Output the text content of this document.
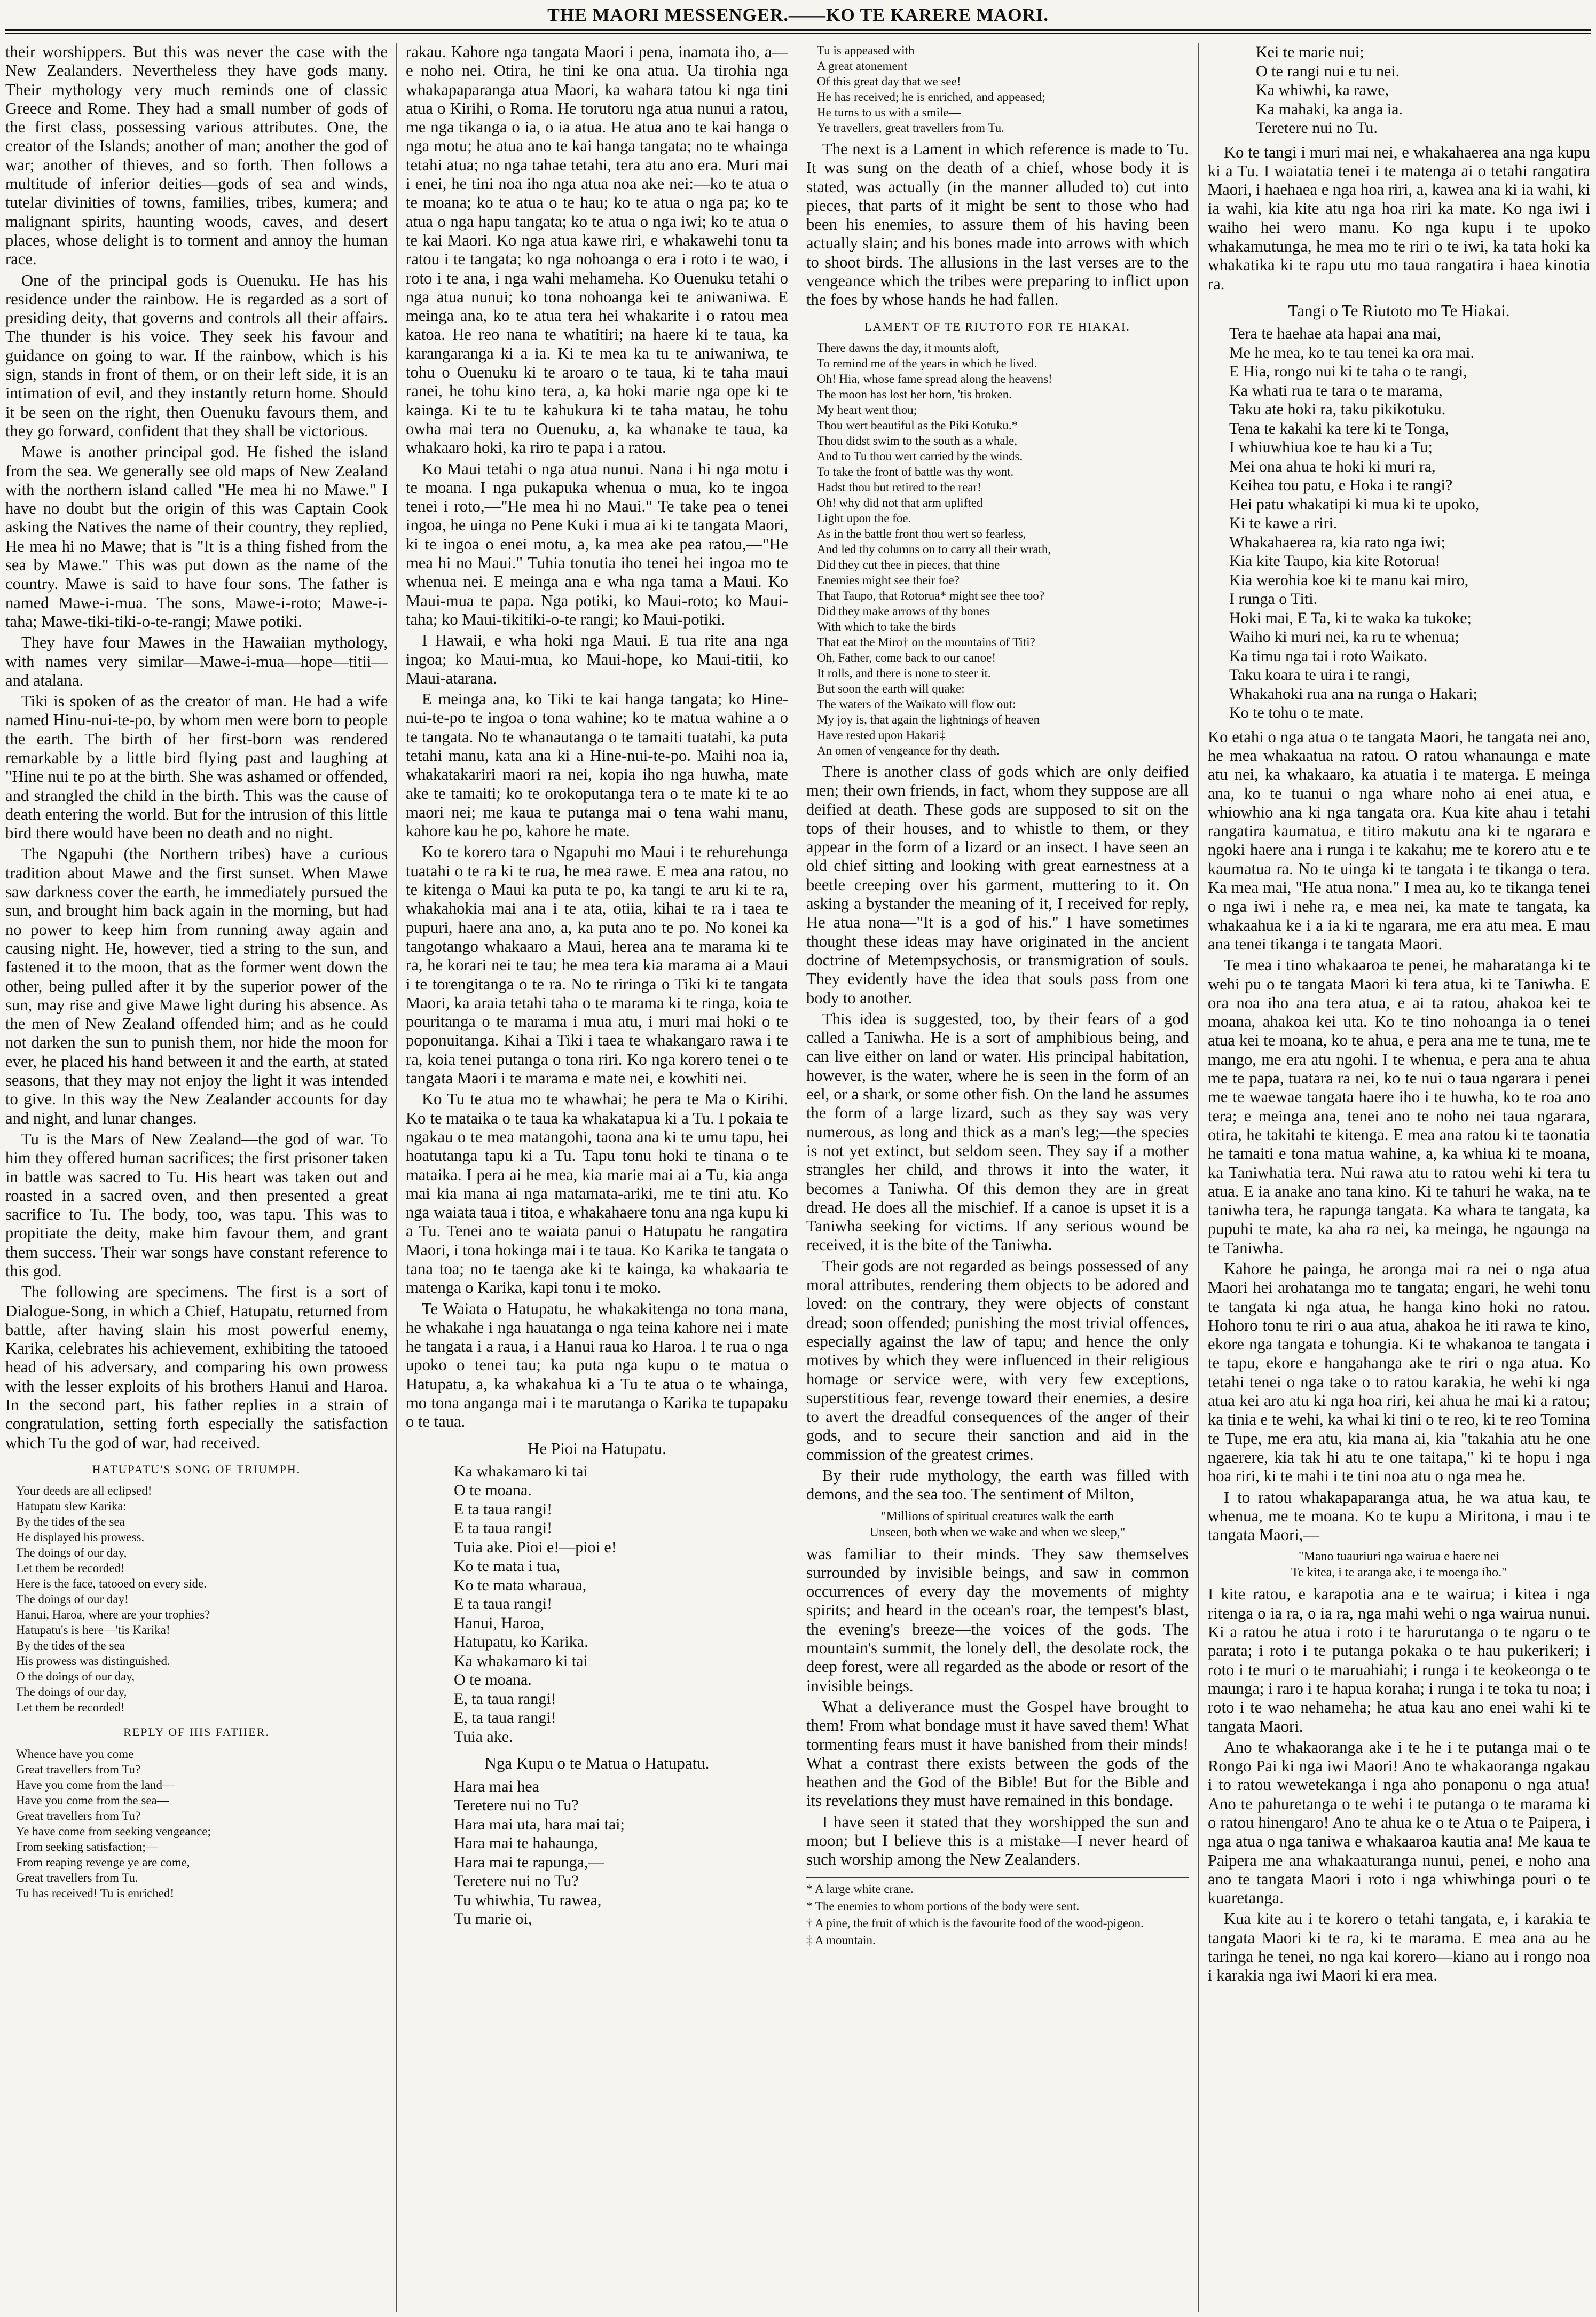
THE MAORI MESSENGER.——KO TE KARERE MAORI.

their worshippers. But this was never the case with the New Zealanders. Nevertheless they have gods many. Their mythology very much reminds one of classic Greece and Rome. They had a small number of gods of the first class, possessing various attributes. One, the creator of the Islands; another of man; another the god of war; another of thieves, and so forth. Then follows a multitude of inferior deities—gods of sea and winds, tutelar divinities of towns, families, tribes, kumera; and malignant spirits, haunting woods, caves, and desert places, whose delight is to torment and annoy the human race.

One of the principal gods is Ouenuku. He has his residence under the rainbow. He is regarded as a sort of presiding deity, that governs and controls all their affairs. The thunder is his voice. They seek his favour and guidance on going to war. If the rainbow, which is his sign, stands in front of them, or on their left side, it is an intimation of evil, and they instantly return home. Should it be seen on the right, then Ouenuku favours them, and they go forward, confident that they shall be victorious.

Mawe is another principal god. He fished the island from the sea. We generally see old maps of New Zealand with the northern island called "He mea hi no Mawe." I have no doubt but the origin of this was Captain Cook asking the Natives the name of their country, they replied, He mea hi no Mawe; that is "It is a thing fished from the sea by Mawe." This was put down as the name of the country. Mawe is said to have four sons. The father is named Mawe-i-mua. The sons, Mawe-i-roto; Mawe-i-taha; Mawe-tiki-tiki-o-te-rangi; Mawe potiki.

They have four Mawes in the Hawaiian mythology, with names very similar—Mawe-i-mua—hope—titii—and atalana.

Tiki is spoken of as the creator of man. He had a wife named Hinu-nui-te-po, by whom men were born to people the earth. The birth of her first-born was rendered remarkable by a little bird flying past and laughing at "Hine nui te po at the birth. She was ashamed or offended, and strangled the child in the birth. This was the cause of death entering the world. But for the intrusion of this little bird there would have been no death and no night.

The Ngapuhi (the Northern tribes) have a curious tradition about Mawe and the first sunset. When Mawe saw darkness cover the earth, he immediately pursued the sun, and brought him back again in the morning, but had no power to keep him from running away again and causing night. He, however, tied a string to the sun, and fastened it to the moon, that as the former went down the other, being pulled after it by the superior power of the sun, may rise and give Mawe light during his absence. As the men of New Zealand offended him; and as he could not darken the sun to punish them, nor hide the moon for ever, he placed his hand between it and the earth, at stated seasons, that they may not enjoy the light it was intended to give. In this way the New Zealander accounts for day and night, and lunar changes.

Tu is the Mars of New Zealand—the god of war. To him they offered human sacrifices; the first prisoner taken in battle was sacred to Tu. His heart was taken out and roasted in a sacred oven, and then presented a great sacrifice to Tu. The body, too, was tapu. This was to propitiate the deity, make him favour them, and grant them success. Their war songs have constant reference to this god.

The following are specimens. The first is a sort of Dialogue-Song, in which a Chief, Hatupatu, returned from battle, after having slain his most powerful enemy, Karika, celebrates his achievement, exhibiting the tatooed head of his adversary, and comparing his own prowess with the lesser exploits of his brothers Hanui and Haroa. In the second part, his father replies in a strain of congratulation, setting forth especially the satisfaction which Tu the god of war, had received.

HATUPATU'S SONG OF TRIUMPH.
Your deeds are all eclipsed!
Hatupatu slew Karika:
By the tides of the sea
He displayed his prowess.
The doings of our day,
Let them be recorded!
Here is the face, tatooed on every side.
The doings of our day!
Hanui, Haroa, where are your trophies?
Hatupatu's is here—'tis Karika!
By the tides of the sea
His prowess was distinguished.
O the doings of our day,
The doings of our day,
Let them be recorded!
REPLY OF HIS FATHER.
Whence have you come
Great travellers from Tu?
Have you come from the land—
Have you come from the sea—
Great travellers from Tu?
Ye have come from seeking vengeance;
From seeking satisfaction;—
From reaping revenge ye are come,
Great travellers from Tu.
Tu has received! Tu is enriched!

rakau. Kahore nga tangata Maori i pena, inamata iho, a—e noho nei. Otira, he tini ke ona atua. Ua tirohia nga whakapaparanga atua Maori, ka wahara tatou ki nga tini atua o Kirihi, o Roma. He torutoru nga atua nunui a ratou, me nga tikanga o ia, o ia atua. He atua ano te kai hanga o nga motu; he atua ano te kai hanga tangata; no te whainga tetahi atua; no nga tahae tetahi, tera atu ano era. Muri mai i enei, he tini noa iho nga atua noa ake nei:—ko te atua o te moana; ko te atua o te hau; ko te atua o nga pa; ko te atua o nga hapu tangata; ko te atua o nga iwi; ko te atua o te kai Maori. Ko nga atua kawe riri, e whakawehi tonu ta ratou i te tangata; ko nga nohoanga o era i roto i te wao, i roto i te ana, i nga wahi mehameha. Ko Ouenuku tetahi o nga atua nunui; ko tona nohoanga kei te aniwaniwa. E meinga ana, ko te atua tera hei whakarite i o ratou mea katoa. He reo nana te whatitiri; na haere ki te taua, ka karangaranga ki a ia. Ki te mea ka tu te aniwaniwa, te tohu o Ouenuku ki te aroaro o te taua, ki te taha maui ranei, he tohu kino tera, a, ka hoki marie nga ope ki te kainga. Ki te tu te kahukura ki te taha matau, he tohu owha mai tera no Ouenuku, a, ka whanake te taua, ka whakaaro hoki, ka riro te papa i a ratou.

Ko Maui tetahi o nga atua nunui. Nana i hi nga motu i te moana. I nga pukapuka whenua o mua, ko te ingoa tenei i roto,—"He mea hi no Maui." Te take pea o tenei ingoa, he uinga no Pene Kuki i mua ai ki te tangata Maori, ki te ingoa o enei motu, a, ka mea ake pea ratou,—"He mea hi no Maui." Tuhia tonutia iho tenei hei ingoa mo te whenua nei. E meinga ana e wha nga tama a Maui. Ko Maui-mua te papa. Nga potiki, ko Maui-roto; ko Maui-taha; ko Maui-tikitiki-o-te rangi; ko Maui-potiki.

I Hawaii, e wha hoki nga Maui. E tua rite ana nga ingoa; ko Maui-mua, ko Maui-hope, ko Maui-titii, ko Maui-atarana.

E meinga ana, ko Tiki te kai hanga tangata; ko Hine-nui-te-po te ingoa o tona wahine; ko te matua wahine a o te tangata. No te whanautanga o te tamaiti tuatahi, ka puta tetahi manu, kata ana ki a Hine-nui-te-po. Maihi noa ia, whakatakariri maori ra nei, kopia iho nga huwha, mate ake te tamaiti; ko te orokoputanga tera o te mate ki te ao maori nei; me kaua te putanga mai o tena wahi manu, kahore kau he po, kahore he mate.

Ko te korero tara o Ngapuhi mo Maui i te rehurehunga tuatahi o te ra ki te rua, he mea rawe. E mea ana ratou, no te kitenga o Maui ka puta te po, ka tangi te aru ki te ra, whakahokia mai ana i te ata, otiia, kihai te ra i taea te pupuri, haere ana ano, a, ka puta ano te po. No konei ka tangotango whakaaro a Maui, herea ana te marama ki te ra, he korari nei te tau; he mea tera kia marama ai a Maui i te torengitanga o te ra. No te riringa o Tiki ki te tangata Maori, ka araia tetahi taha o te marama ki te ringa, koia te pouritanga o te marama i mua atu, i muri mai hoki o te poponuitanga. Kihai a Tiki i taea te whakangaro rawa i te ra, koia tenei putanga o tona riri. Ko nga korero tenei o te tangata Maori i te marama e mate nei, e kowhiti nei.

Ko Tu te atua mo te whawhai; he pera te Ma o Kirihi. Ko te mataika o te taua ka whakatapua ki a Tu. I pokaia te ngakau o te mea matangohi, taona ana ki te umu tapu, hei hoatutanga tapu ki a Tu. Tapu tonu hoki te tinana o te mataika. I pera ai he mea, kia marie mai ai a Tu, kia anga mai kia mana ai nga matamata-ariki, me te tini atu. Ko nga waiata taua i titoa, e whakahaere tonu ana nga kupu ki a Tu. Tenei ano te waiata panui o Hatupatu he rangatira Maori, i tona hokinga mai i te taua. Ko Karika te tangata o tana toa; no te taenga ake ki te kainga, ka whakaaria te matenga o Karika, kapi tonu i te moko.

Te Waiata o Hatupatu, he whakakitenga no tona mana, he whakahe i nga hauatanga o nga teina kahore nei i mate he tangata i a raua, i a Hanui raua ko Haroa. I te rua o nga upoko o tenei tau; ka puta nga kupu o te matua o Hatupatu, a, ka whakahua ki a Tu te atua o te whainga, mo tona anganga mai i te marutanga o Karika te tupapaku o te taua.

He Pioi na Hatupatu.
Ka whakamaro ki tai
O te moana.
E ta taua rangi!
E ta taua rangi!
Tuia ake. Pioi e!—pioi e!
Ko te mata i tua,
Ko te mata wharaua,
E ta taua rangi!
Hanui, Haroa,
Hatupatu, ko Karika.
Ka whakamaro ki tai
O te moana.
E, ta taua rangi!
E, ta taua rangi!
Tuia ake.
Nga Kupu o te Matua o Hatupatu.
Hara mai hea
Teretere nui no Tu?
Hara mai uta, hara mai tai;
Hara mai te hahaunga,
Hara mai te rapunga,—
Teretere nui no Tu?
Tu whiwhia, Tu rawea,
Tu marie oi,
Tu is appeased with
A great atonement
Of this great day that we see!
He has received; he is enriched, and appeased;
He turns to us with a smile—
Ye travellers, great travellers from Tu.

The next is a Lament in which reference is made to Tu. It was sung on the death of a chief, whose body it is stated, was actually (in the manner alluded to) cut into pieces, that parts of it might be sent to those who had been his enemies, to assure them of his having been actually slain; and his bones made into arrows with which to shoot birds. The allusions in the last verses are to the vengeance which the tribes were preparing to inflict upon the foes by whose hands he had fallen.

LAMENT OF TE RIUTOTO FOR TE HIAKAI.
There dawns the day, it mounts aloft,
To remind me of the years in which he lived.
Oh! Hia, whose fame spread along the heavens!
The moon has lost her horn, 'tis broken.
My heart went thou;
Thou wert beautiful as the Piki Kotuku.*
Thou didst swim to the south as a whale,
And to Tu thou wert carried by the winds.
To take the front of battle was thy wont.
Hadst thou but retired to the rear!
Oh! why did not that arm uplifted
Light upon the foe.
As in the battle front thou wert so fearless,
And led thy columns on to carry all their wrath,
Did they cut thee in pieces, that thine
Enemies might see their foe?
That Taupo, that Rotorua* might see thee too?
Did they make arrows of thy bones
With which to take the birds
That eat the Miro† on the mountains of Titi?
Oh, Father, come back to our canoe!
It rolls, and there is none to steer it.
But soon the earth will quake:
The waters of the Waikato will flow out:
My joy is, that again the lightnings of heaven
Have rested upon Hakari‡
An omen of vengeance for thy death.

There is another class of gods which are only deified men; their own friends, in fact, whom they suppose are all deified at death. These gods are supposed to sit on the tops of their houses, and to whistle to them, or they appear in the form of a lizard or an insect. I have seen an old chief sitting and looking with great earnestness at a beetle creeping over his garment, muttering to it. On asking a bystander the meaning of it, I received for reply, He atua nona—"It is a god of his." I have sometimes thought these ideas may have originated in the ancient doctrine of Metempsychosis, or transmigration of souls. They evidently have the idea that souls pass from one body to another.

This idea is suggested, too, by their fears of a god called a Taniwha. He is a sort of amphibious being, and can live either on land or water. His principal habitation, however, is the water, where he is seen in the form of an eel, or a shark, or some other fish. On the land he assumes the form of a large lizard, such as they say was very numerous, as long and thick as a man's leg;—the species is not yet extinct, but seldom seen. They say if a mother strangles her child, and throws it into the water, it becomes a Taniwha. Of this demon they are in great dread. He does all the mischief. If a canoe is upset it is a Taniwha seeking for victims. If any serious wound be received, it is the bite of the Taniwha.

Their gods are not regarded as beings possessed of any moral attributes, rendering them objects to be adored and loved: on the contrary, they were objects of constant dread; soon offended; punishing the most trivial offences, especially against the law of tapu; and hence the only motives by which they were influenced in their religious homage or service were, with very few exceptions, superstitious fear, revenge toward their enemies, a desire to avert the dreadful consequences of the anger of their gods, and to secure their sanction and aid in the commission of the greatest crimes.

By their rude mythology, the earth was filled with demons, and the sea too. The sentiment of Milton,

"Millions of spiritual creatures walk the earth
Unseen, both when we wake and when we sleep,"

was familiar to their minds. They saw themselves surrounded by invisible beings, and saw in common occurrences of every day the movements of mighty spirits; and heard in the ocean's roar, the tempest's blast, the evening's breeze—the voices of the gods. The mountain's summit, the lonely dell, the desolate rock, the deep forest, were all regarded as the abode or resort of the invisible beings.

What a deliverance must the Gospel have brought to them! From what bondage must it have saved them! What tormenting fears must it have banished from their minds! What a contrast there exists between the gods of the heathen and the God of the Bible! But for the Bible and its revelations they must have remained in this bondage.

I have seen it stated that they worshipped the sun and moon; but I believe this is a mistake—I never heard of such worship among the New Zealanders.

* A large white crane.
* The enemies to whom portions of the body were sent.
† A pine, the fruit of which is the favourite food of the wood-pigeon.
‡ A mountain.
Kei te marie nui;
O te rangi nui e tu nei.
Ka whiwhi, ka rawe,
Ka mahaki, ka anga ia.
Teretere nui no Tu.

Ko te tangi i muri mai nei, e whakahaerea ana nga kupu ki a Tu. I waiatatia tenei i te matenga ai o tetahi rangatira Maori, i haehaea e nga hoa riri, a, kawea ana ki ia wahi, ki ia wahi, kia kite atu nga hoa riri ka mate. Ko nga iwi i waiho hei wero manu. Ko nga kupu i te upoko whakamutunga, he mea mo te riri o te iwi, ka tata hoki ka whakatika ki te rapu utu mo taua rangatira i haea kinotia ra.

Tangi o Te Riutoto mo Te Hiakai.
Tera te haehae ata hapai ana mai,
Me he mea, ko te tau tenei ka ora mai.
E Hia, rongo nui ki te taha o te rangi,
Ka whati rua te tara o te marama,
Taku ate hoki ra, taku pikikotuku.
Tena te kakahi ka tere ki te Tonga,
I whiuwhiua koe te hau ki a Tu;
Mei ona ahua te hoki ki muri ra,
Keihea tou patu, e Hoka i te rangi?
Hei patu whakatipi ki mua ki te upoko,
Ki te kawe a riri.
Whakahaerea ra, kia rato nga iwi;
Kia kite Taupo, kia kite Rotorua!
Kia werohia koe ki te manu kai miro,
I runga o Titi.
Hoki mai, E Ta, ki te waka ka tukoke;
Waiho ki muri nei, ka ru te whenua;
Ka timu nga tai i roto Waikato.
Taku koara te uira i te rangi,
Whakahoki rua ana na runga o Hakari;
Ko te tohu o te mate.

Ko etahi o nga atua o te tangata Maori, he tangata nei ano, he mea whakaatua na ratou. O ratou whanaunga e mate atu nei, ka whakaaro, ka atuatia i te materga. E meinga ana, ko te tuanui o nga whare noho ai enei atua, e whiowhio ana ki nga tangata ora. Kua kite ahau i tetahi rangatira kaumatua, e titiro makutu ana ki te ngarara e ngoki haere ana i runga i te kakahu; me te korero atu e te kaumatua ra. No te uinga ki te tangata i te tikanga o tera. Ka mea mai, "He atua nona." I mea au, ko te tikanga tenei o nga iwi i nehe ra, e mea nei, ka mate te tangata, ka whakaahua ke i a ia ki te ngarara, me era atu mea. E mau ana tenei tikanga i te tangata Maori.

Te mea i tino whakaaroa te penei, he maharatanga ki te wehi pu o te tangata Maori ki tera atua, ki te Taniwha. E ora noa iho ana tera atua, e ai ta ratou, ahakoa kei te moana, ahakoa kei uta. Ko te tino nohoanga ia o tenei atua kei te moana, ko te ahua, e pera ana me te tuna, me te mango, me era atu ngohi. I te whenua, e pera ana te ahua me te papa, tuatara ra nei, ko te nui o taua ngarara i penei me te waewae tangata haere iho i te huwha, ko te roa ano tera; e meinga ana, tenei ano te noho nei taua ngarara, otira, he takitahi te kitenga. E mea ana ratou ki te taonatia he tamaiti e tona matua wahine, a, ka whiua ki te moana, ka Taniwhatia tera. Nui rawa atu to ratou wehi ki tera tu atua. E ia anake ano tana kino. Ki te tahuri he waka, na te taniwha tera, he rapunga tangata. Ka whara te tangata, ka pupuhi te mate, ka aha ra nei, ka meinga, he ngaunga na te Taniwha.

Kahore he painga, he aronga mai ra nei o nga atua Maori hei arohatanga mo te tangata; engari, he wehi tonu te tangata ki nga atua, he hanga kino hoki no ratou. Hohoro tonu te riri o aua atua, ahakoa he iti rawa te kino, ekore nga tangata e tohungia. Ki te whakanoa te tangata i te tapu, ekore e hangahanga ake te riri o nga atua. Ko tetahi tenei o nga take o to ratou karakia, he wehi ki nga atua kei aro atu ki nga hoa riri, kei ahua he mai ki a ratou; ka tinia e te wehi, ka whai ki tini o te reo, ki te reo Tomina te Tupe, me era atu, kia mana ai, kia "takahia atu he one ngaerere, kia tak hi atu te one taitapa," ki te hopu i nga hoa riri, ki te mahi i te tini noa atu o nga mea he.

I to ratou whakapaparanga atua, he wa atua kau, te whenua, me te moana. Ko te kupu a Miritona, i mau i te tangata Maori,—

"Mano tuauriuri nga wairua e haere nei
Te kitea, i te aranga ake, i te moenga iho."

I kite ratou, e karapotia ana e te wairua; i kitea i nga ritenga o ia ra, o ia ra, nga mahi wehi o nga wairua nunui. Ki a ratou he atua i roto i te harurutanga o te ngaru o te parata; i roto i te putanga pokaka o te hau pukerikeri; i roto i te muri o te maruahiahi; i runga i te keokeonga o te maunga; i raro i te hapua koraha; i runga i te toka tu noa; i roto i te wao nehameha; he atua kau ano enei wahi ki te tangata Maori.

Ano te whakaoranga ake i te he i te putanga mai o te Rongo Pai ki nga iwi Maori! Ano te whakaoranga ngakau i to ratou wewetekanga i nga aho ponaponu o nga atua! Ano te pahuretanga o te wehi i te putanga o te marama ki o ratou hinengaro! Ano te ahua ke o te Atua o te Paipera, i nga atua o nga taniwa e whakaaroa kautia ana! Me kaua te Paipera me ana whakaaturanga nunui, penei, e noho ana ano te tangata Maori i roto i nga whiwhinga pouri o te kuaretanga.

Kua kite au i te korero o tetahi tangata, e, i karakia te tangata Maori ki te ra, ki te marama. E mea ana au he taringa he tenei, no nga kai korero—kiano au i rongo noa i karakia nga iwi Maori ki era mea.
